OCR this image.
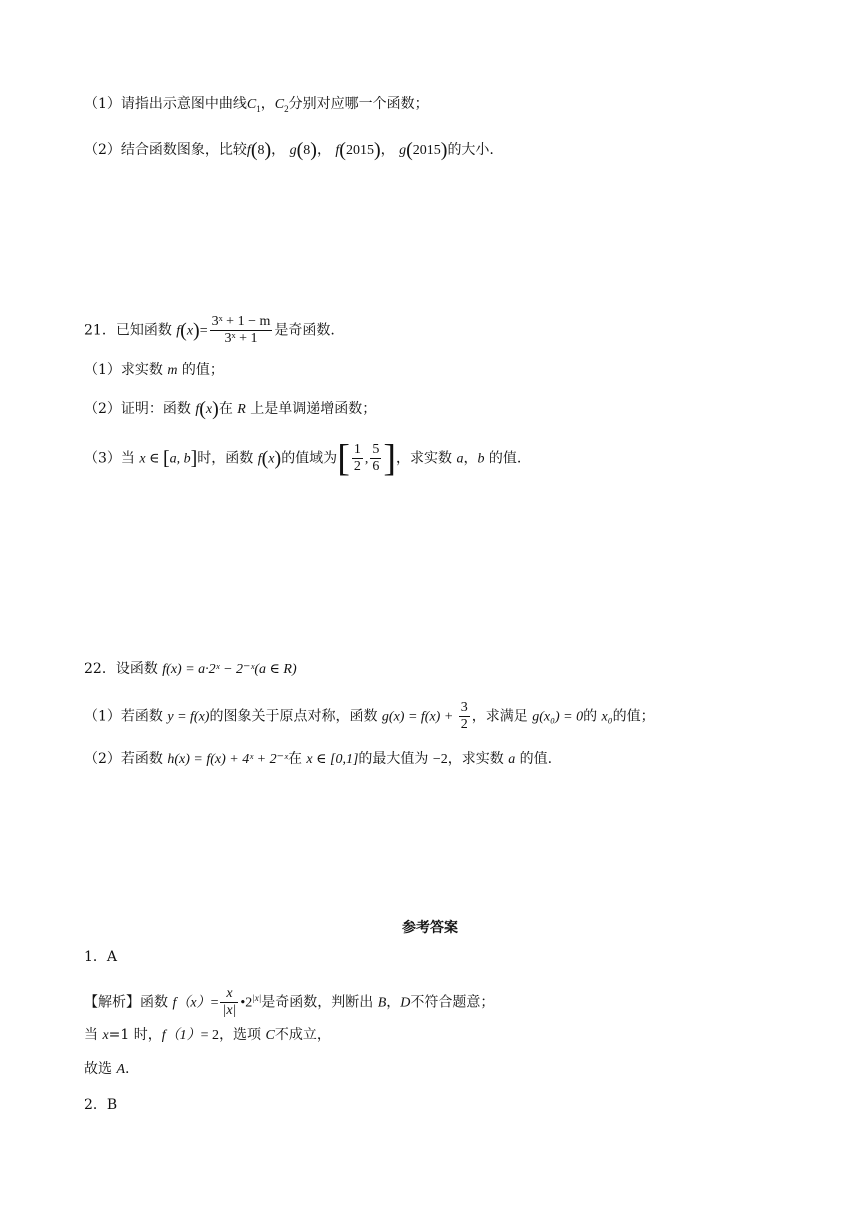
（1）请指出示意图中曲线$C_1$，$C_2$分别对应哪一个函数；
（2）结合函数图象，比较f(8)， g(8)， f(2015)， g(2015)的大小.
21．已知函数 $f(x)= \frac{\text{3ˣ + 1 − m}}{\text{3ˣ + 1}}$ 是奇函数.
（1）求实数 m 的值；
（2）证明：函数 f(x)在 R 上是单调递增函数；
（3）当 x ∈ [a, b]时，函数 f(x)的值域为[ $\frac{1}{2}$ , $\frac{5}{6}$ ]，求实数 a，b 的值.
22．设函数 f(x) = a·2ˣ − 2⁻ˣ(a ∈ R)
（1）若函数 y = f(x)的图象关于原点对称，函数 $g(x) = f(x) + \frac{3}{2}$ ，求满足 g(x₀) = 0的 x₀的值；
（2）若函数 h(x) = f(x) + 4ˣ + 2⁻ˣ在 x ∈ [0,1]的最大值为 −2，求实数 a 的值.
参考答案
1．A
【解析】函数 $f(x)= \frac{x}{|x|}$ $•2^{|x|}$是奇函数，判断出 B，D不符合题意；
当 x=1 时，f（1）= 2，选项 C不成立，
故选 A.
2．B
